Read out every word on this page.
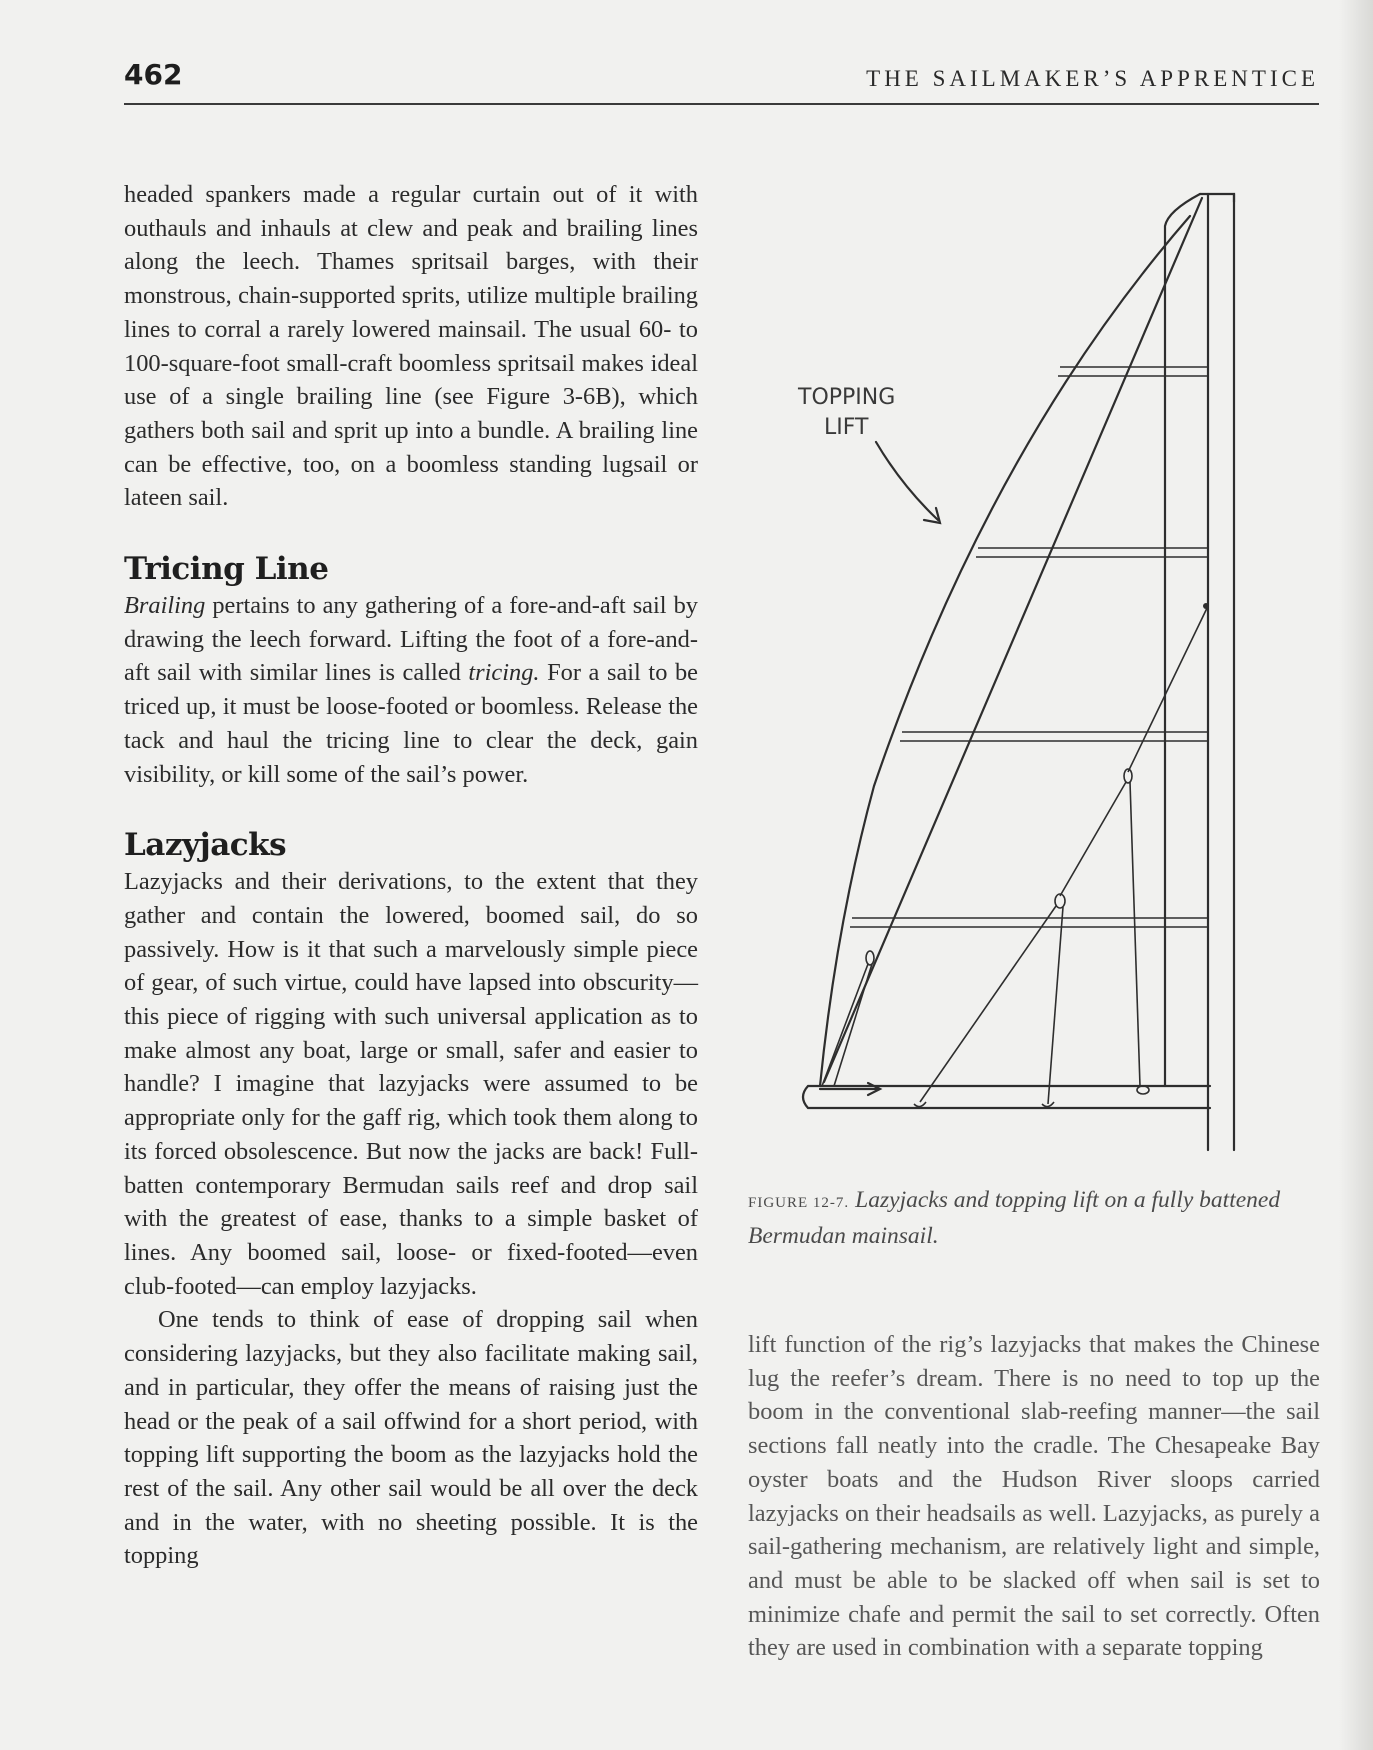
462	THE SAILMAKER’S APPRENTICE

headed spankers made a regular curtain out of it with outhauls and inhauls at clew and peak and brailing lines along the leech. Thames spritsail barges, with their monstrous, chain-supported sprits, utilize multiple brailing lines to corral a rarely lowered mainsail. The usual 60- to 100-square-foot small-craft boomless spritsail makes ideal use of a single brailing line (see Figure 3-6B), which gathers both sail and sprit up into a bundle. A brailing line can be effective, too, on a boomless standing lugsail or lateen sail.

Tricing Line

Brailing pertains to any gathering of a fore-and-aft sail by drawing the leech forward. Lifting the foot of a fore-and-aft sail with similar lines is called tricing. For a sail to be triced up, it must be loose-footed or boomless. Release the tack and haul the tricing line to clear the deck, gain visibility, or kill some of the sail’s power.

Lazyjacks

Lazyjacks and their derivations, to the extent that they gather and contain the lowered, boomed sail, do so passively. How is it that such a marvelously simple piece of gear, of such virtue, could have lapsed into obscurity—this piece of rigging with such universal application as to make almost any boat, large or small, safer and easier to handle? I imagine that lazyjacks were assumed to be appropriate only for the gaff rig, which took them along to its forced obsolescence. But now the jacks are back! Full-batten contemporary Bermudan sails reef and drop sail with the greatest of ease, thanks to a simple basket of lines. Any boomed sail, loose- or fixed-footed—even club-footed—can employ lazyjacks.

One tends to think of ease of dropping sail when considering lazyjacks, but they also facilitate making sail, and in particular, they offer the means of raising just the head or the peak of a sail offwind for a short period, with topping lift supporting the boom as the lazyjacks hold the rest of the sail. Any other sail would be all over the deck and in the water, with no sheeting possible. It is the topping

TOPPING
LIFT
FIGURE 12-7. Lazyjacks and topping lift on a fully battened Bermudan mainsail.

lift function of the rig’s lazyjacks that makes the Chinese lug the reefer’s dream. There is no need to top up the boom in the conventional slab-reefing manner—the sail sections fall neatly into the cradle. The Chesapeake Bay oyster boats and the Hudson River sloops carried lazyjacks on their headsails as well. Lazyjacks, as purely a sail-gathering mechanism, are relatively light and simple, and must be able to be slacked off when sail is set to minimize chafe and permit the sail to set correctly. Often they are used in combination with a separate topping
